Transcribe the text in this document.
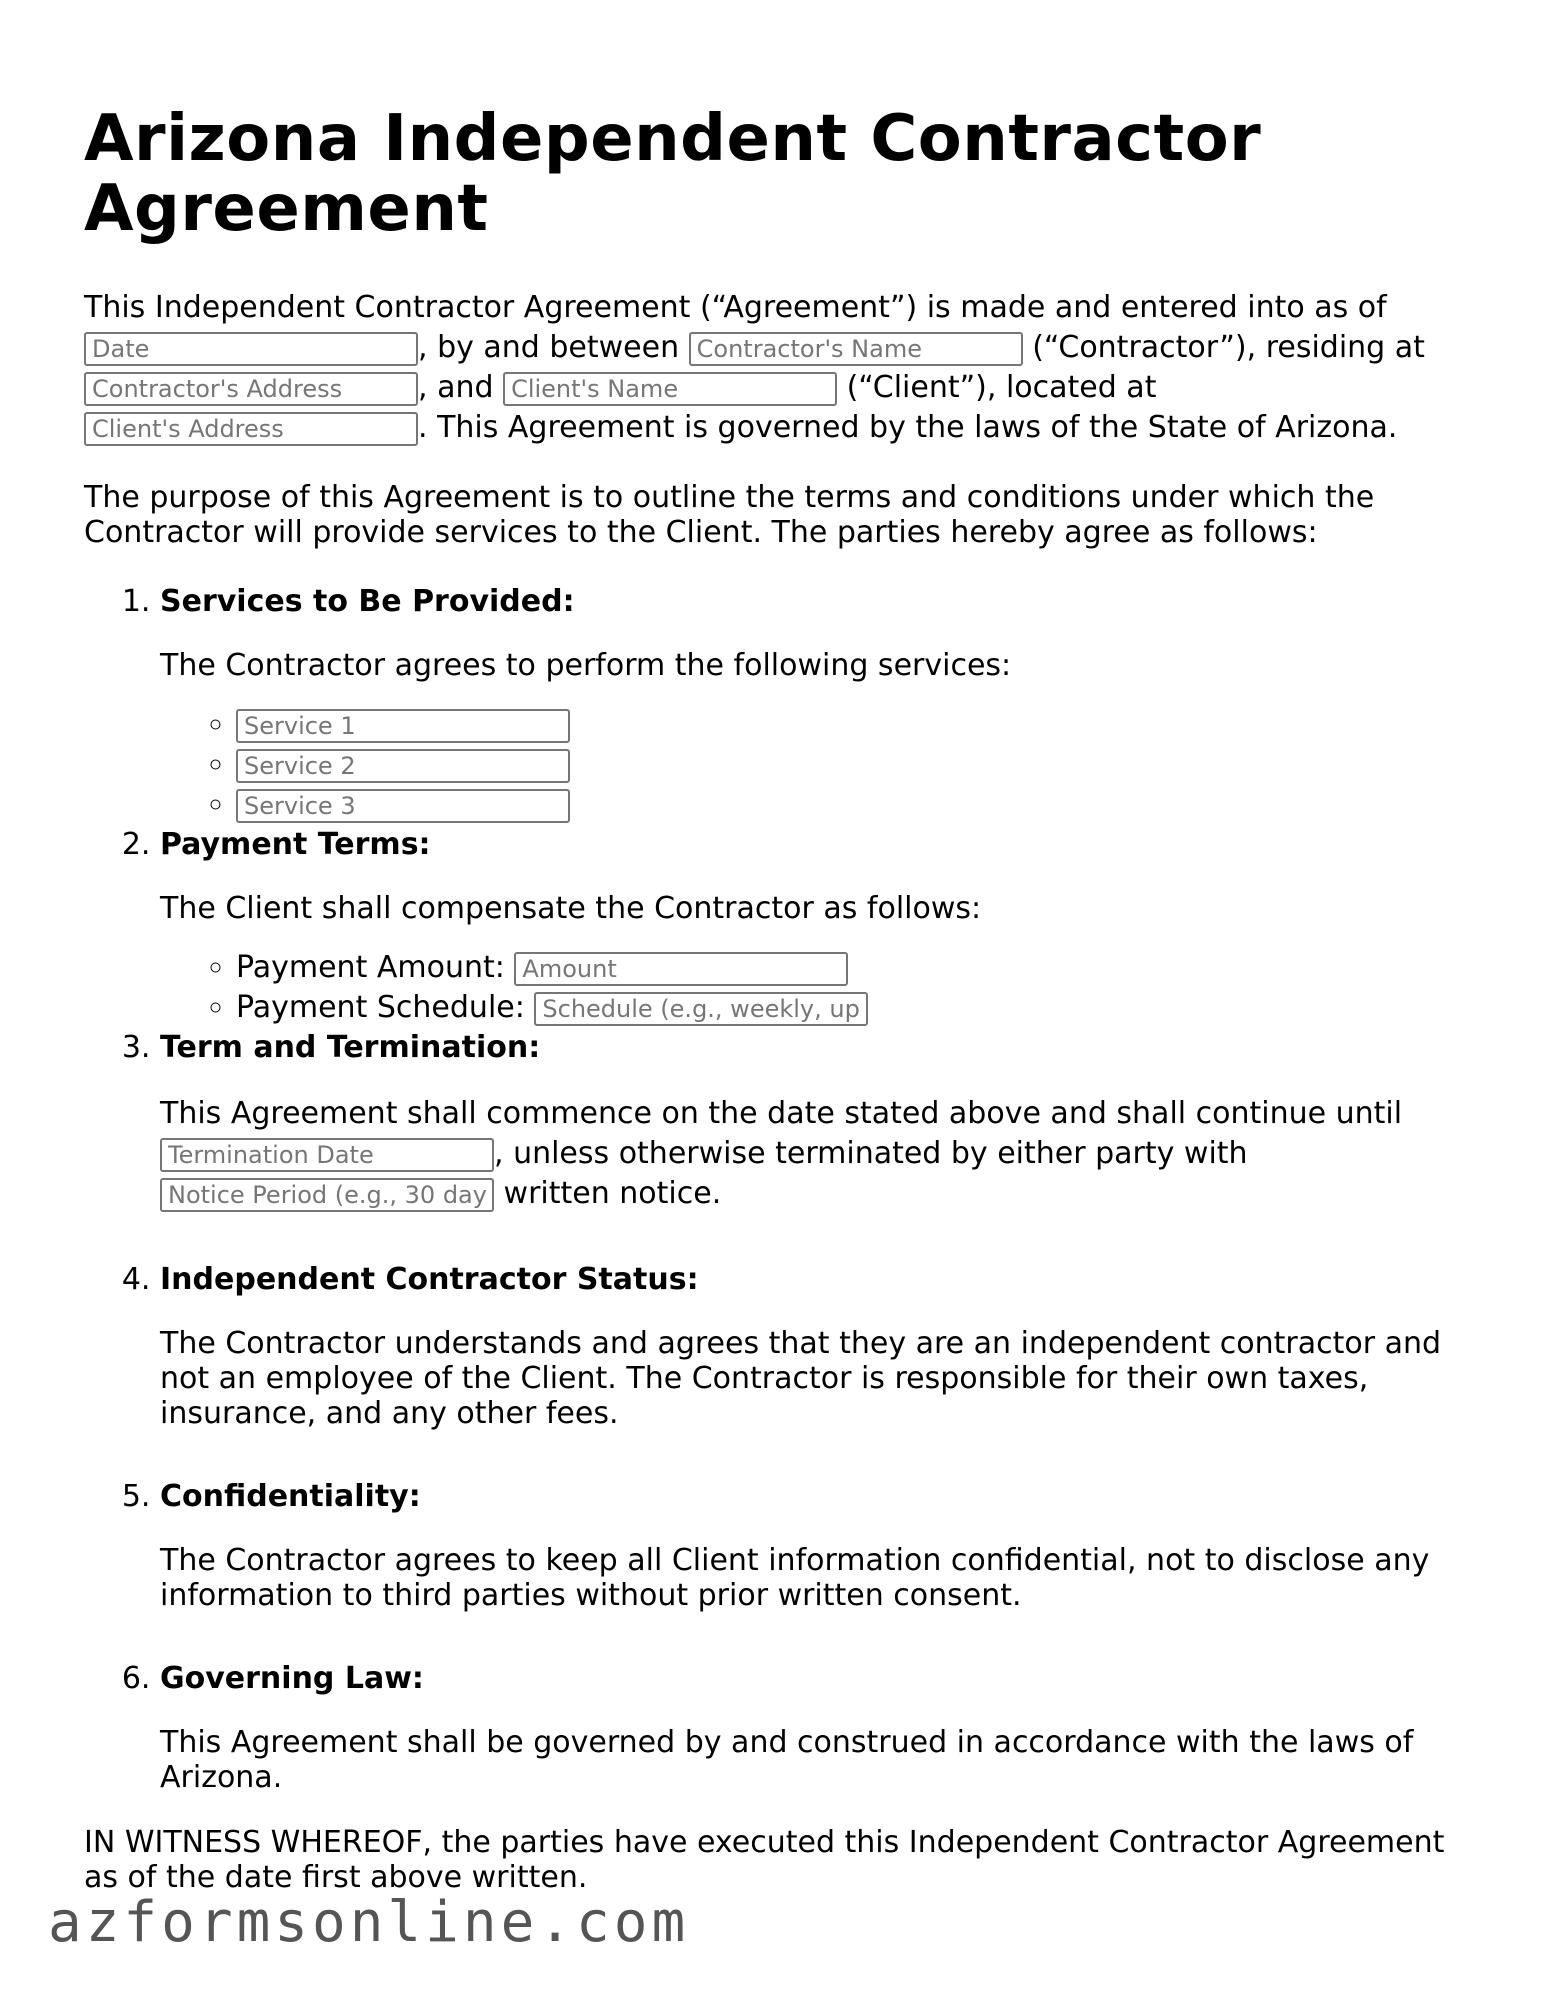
Arizona Independent Contractor Agreement

This Independent Contractor Agreement (“Agreement”) is made and entered into as of
Date, by and between Contractor's Name	(“Contractor”), residing at
Contractor's Address, and Client's Name	(“Client”), located at
Client's Address. This Agreement is governed by the laws of the State of Arizona.

The purpose of this Agreement is to outline the terms and conditions under which the Contractor will provide services to the Client. The parties hereby agree as follows:

1. Services to Be Provided:
The Contractor agrees to perform the following services:
◦ Service 1
◦ Service 2
◦ Service 3
2. Payment Terms:
The Client shall compensate the Contractor as follows:
◦ Payment Amount: Amount
◦ Payment Schedule: Schedule (e.g., weekly, up
3. Term and Termination:
This Agreement shall commence on the date stated above and shall continue until
Termination Date, unless otherwise terminated by either party with
Notice Period (e.g., 30 day written notice.
4. Independent Contractor Status:
The Contractor understands and agrees that they are an independent contractor and not an employee of the Client. The Contractor is responsible for their own taxes, insurance, and any other fees.
5. Confidentiality:
The Contractor agrees to keep all Client information confidential, not to disclose any information to third parties without prior written consent.
6. Governing Law:
This Agreement shall be governed by and construed in accordance with the laws of Arizona.

IN WITNESS WHEREOF, the parties have executed this Independent Contractor Agreement as of the date first above written.

azformsonline.com
